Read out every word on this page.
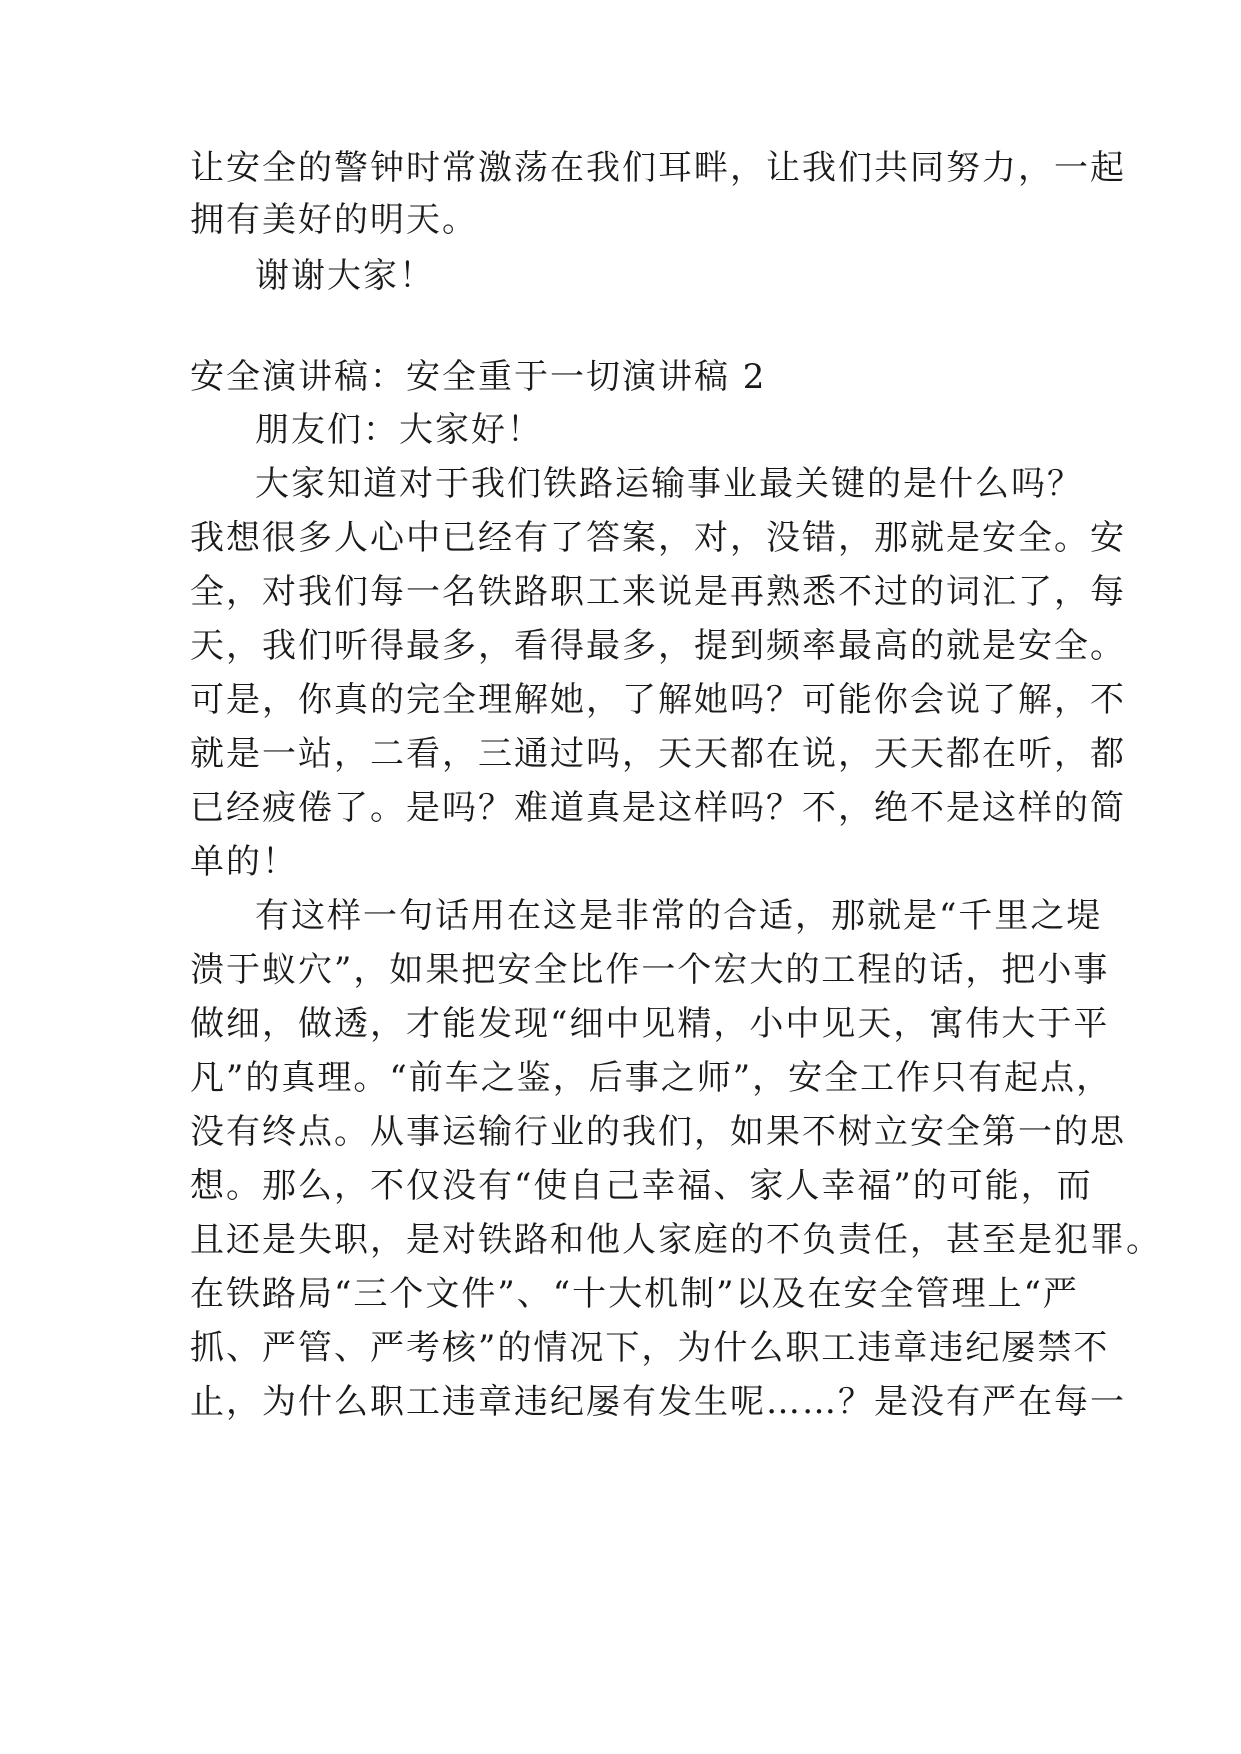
让安全的警钟时常激荡在我们耳畔，让我们共同努力，一起
拥有美好的明天。
谢谢大家！
安全演讲稿：安全重于一切演讲稿 2
朋友们：大家好！
大家知道对于我们铁路运输事业最关键的是什么吗？
我想很多人心中已经有了答案，对，没错，那就是安全。安
全，对我们每一名铁路职工来说是再熟悉不过的词汇了，每
天，我们听得最多，看得最多，提到频率最高的就是安全。
可是，你真的完全理解她，了解她吗？可能你会说了解，不
就是一站，二看，三通过吗，天天都在说，天天都在听，都
已经疲倦了。是吗？难道真是这样吗？不，绝不是这样的简
单的！
有这样一句话用在这是非常的合适，那就是“千里之堤
溃于蚁穴”，如果把安全比作一个宏大的工程的话，把小事
做细，做透，才能发现“细中见精，小中见天，寓伟大于平
凡”的真理。“前车之鉴，后事之师”，安全工作只有起点，
没有终点。从事运输行业的我们，如果不树立安全第一的思
想。那么，不仅没有“使自己幸福、家人幸福”的可能，而
且还是失职，是对铁路和他人家庭的不负责任，甚至是犯罪。
在铁路局“三个文件”、“十大机制”以及在安全管理上“严
抓、严管、严考核”的情况下，为什么职工违章违纪屡禁不
止，为什么职工违章违纪屡有发生呢……？是没有严在每一
